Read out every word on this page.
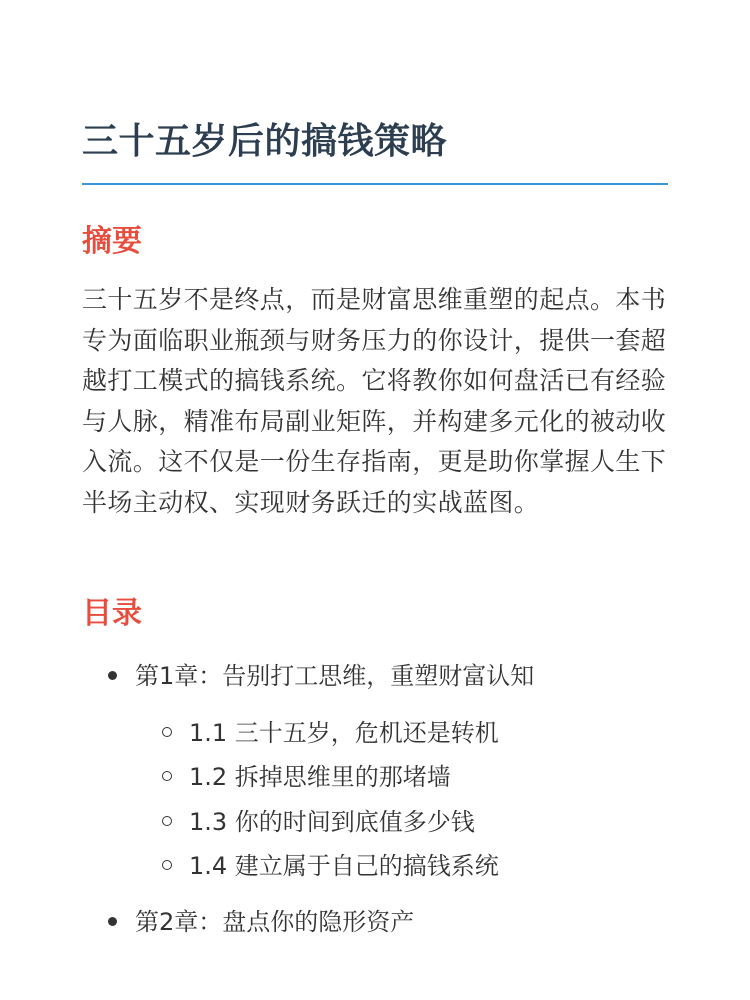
三十五岁后的搞钱策略
摘要

三十五岁不是终点，而是财富思维重塑的起点。本书专为面临职业瓶颈与财务压力的你设计，提供一套超越打工模式的搞钱系统。它将教你如何盘活已有经验与人脉，精准布局副业矩阵，并构建多元化的被动收入流。这不仅是一份生存指南，更是助你掌握人生下半场主动权、实现财务跃迁的实战蓝图。

目录
第1章：告别打工思维，重塑财富认知
1.1 三十五岁，危机还是转机
1.2 拆掉思维里的那堵墙
1.3 你的时间到底值多少钱
1.4 建立属于自己的搞钱系统
第2章：盘点你的隐形资产
